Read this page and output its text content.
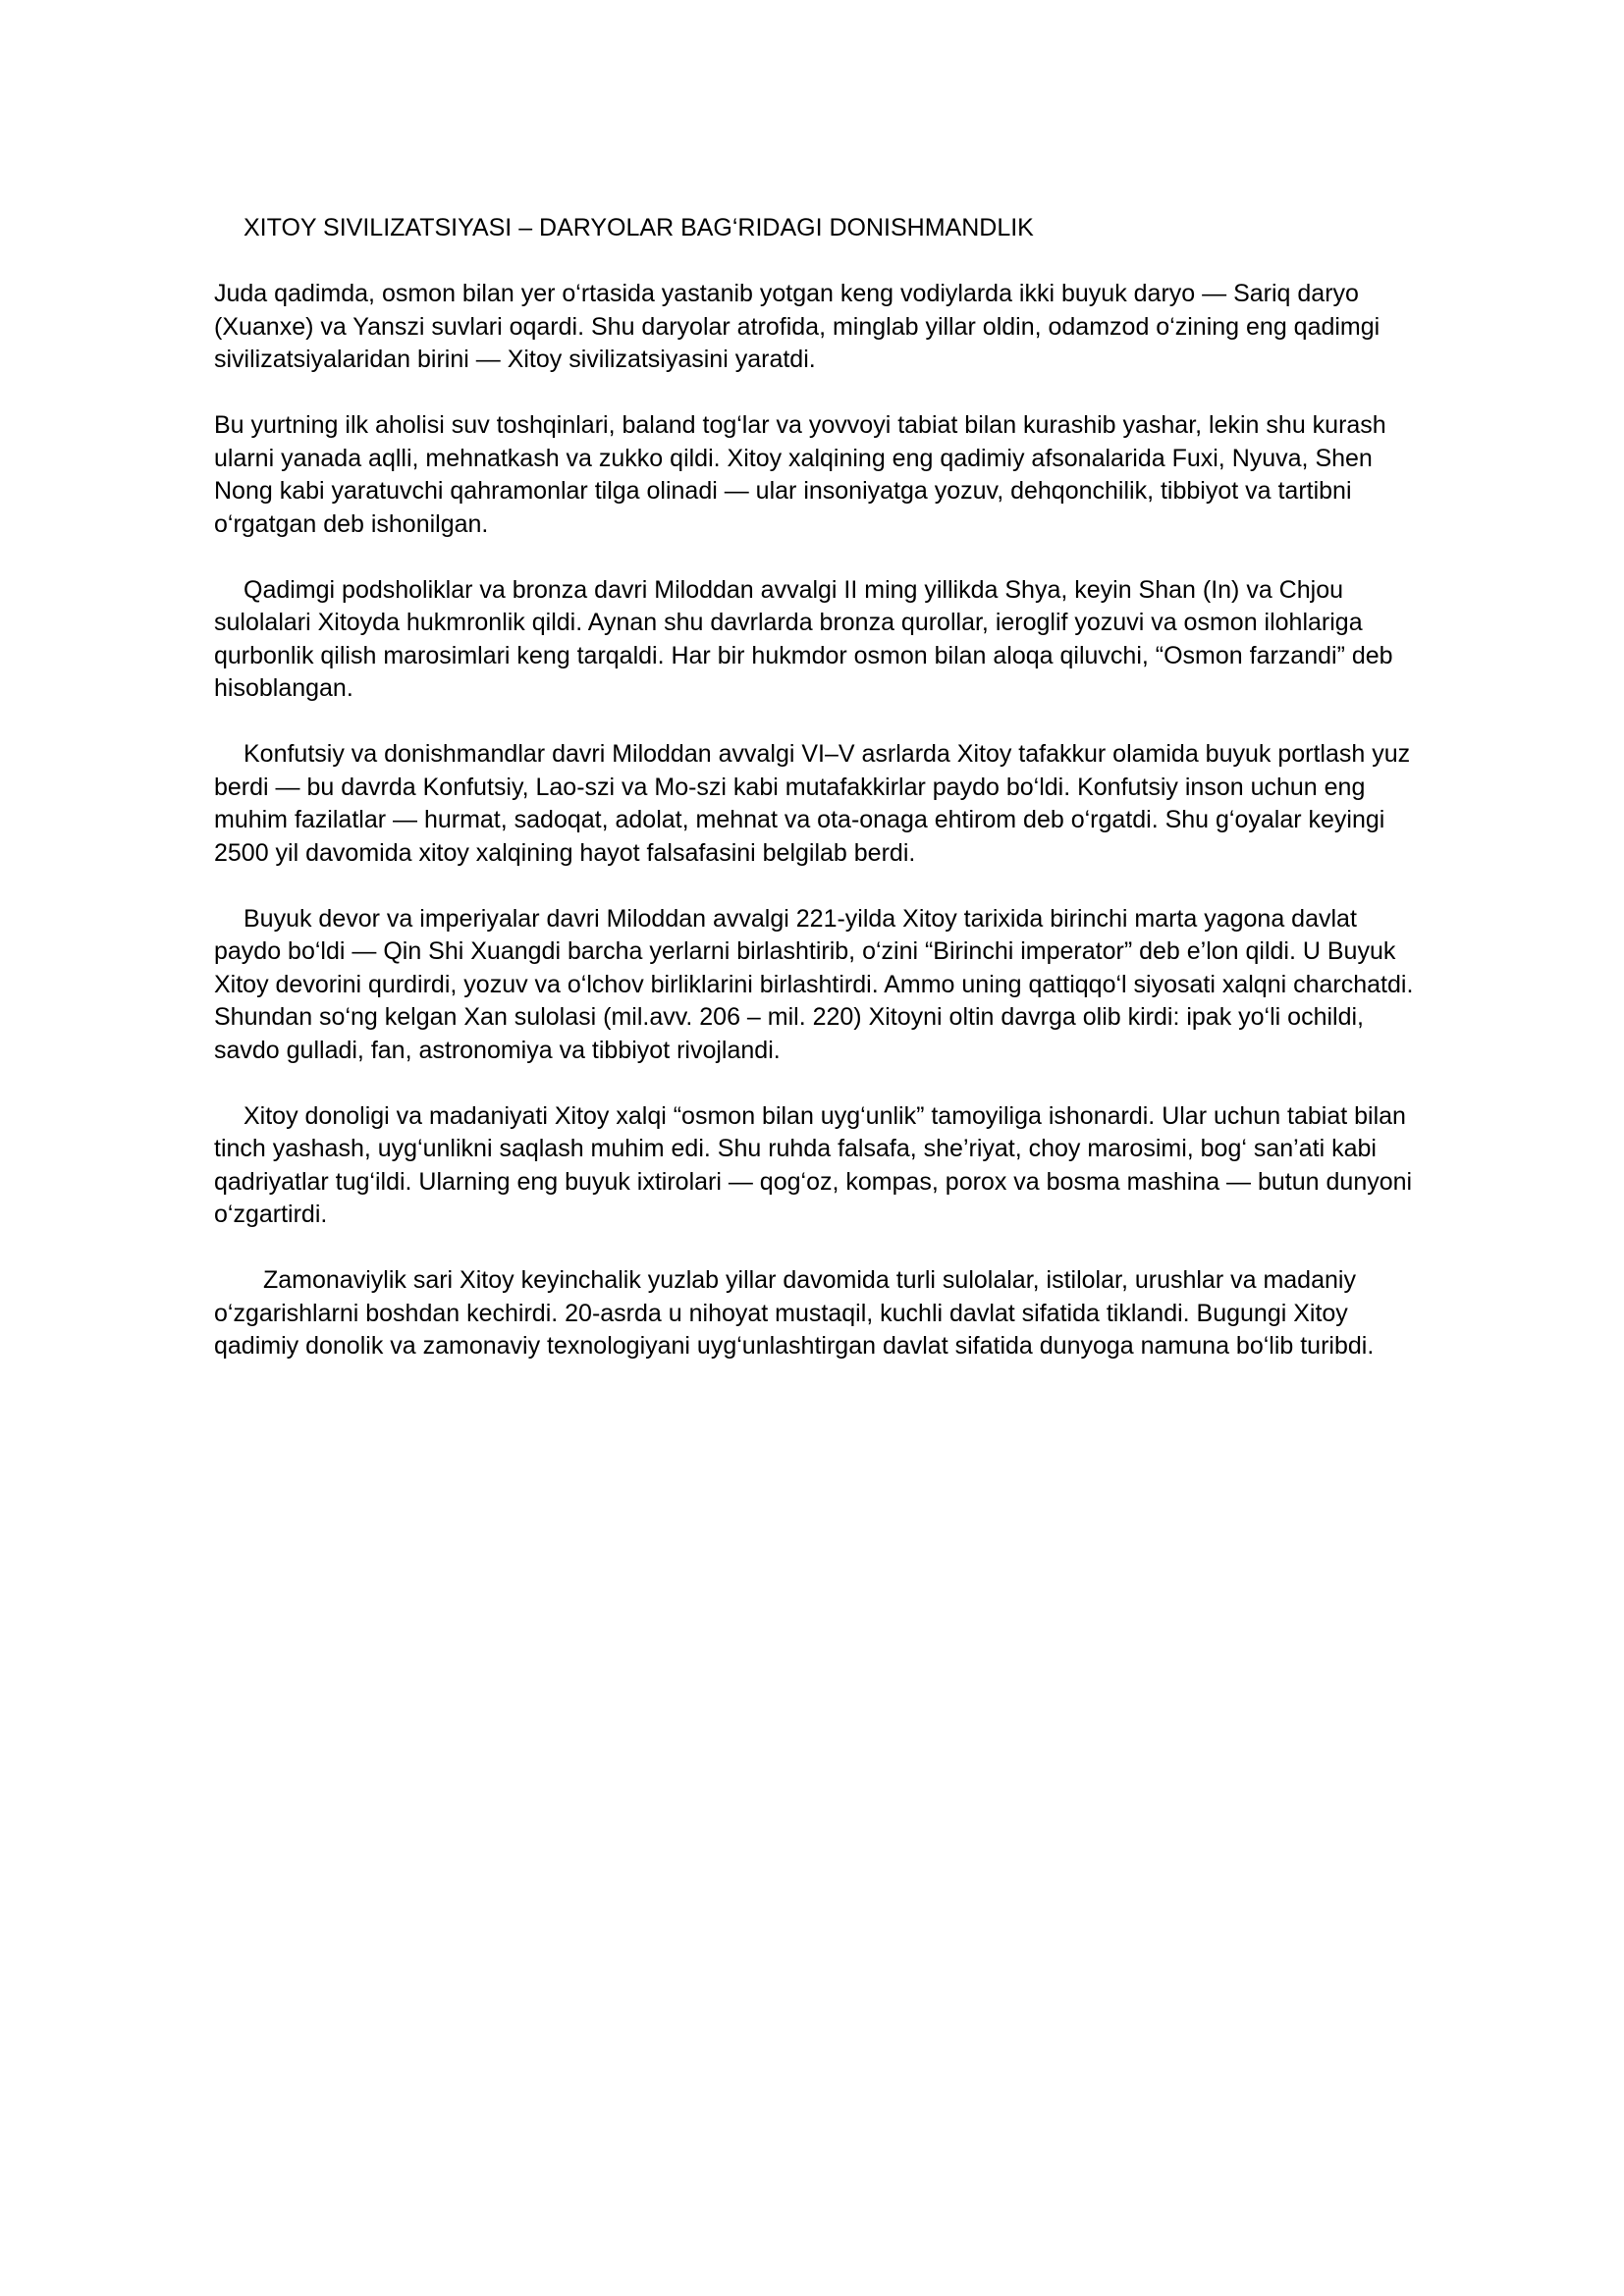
XITOY SIVILIZATSIYASI – DARYOLAR BAG‘RIDAGI DONISHMANDLIK

Juda qadimda, osmon bilan yer o‘rtasida yastanib yotgan keng vodiylarda ikki buyuk daryo — Sariq daryo (Xuanxe) va Yanszi suvlari oqardi. Shu daryolar atrofida, minglab yillar oldin, odamzod o‘zining eng qadimgi sivilizatsiyalaridan birini — Xitoy sivilizatsiyasini yaratdi.

Bu yurtning ilk aholisi suv toshqinlari, baland tog‘lar va yovvoyi tabiat bilan kurashib yashar, lekin shu kurash ularni yanada aqlli, mehnatkash va zukko qildi. Xitoy xalqining eng qadimiy afsonalarida Fuxi, Nyuva, Shen Nong kabi yaratuvchi qahramonlar tilga olinadi — ular insoniyatga yozuv, dehqonchilik, tibbiyot va tartibni o‘rgatgan deb ishonilgan.

Qadimgi podsholiklar va bronza davri Miloddan avvalgi II ming yillikda Shya, keyin Shan (In) va Chjou sulolalari Xitoyda hukmronlik qildi. Aynan shu davrlarda bronza qurollar, ieroglif yozuvi va osmon ilohlariga qurbonlik qilish marosimlari keng tarqaldi. Har bir hukmdor osmon bilan aloqa qiluvchi, “Osmon farzandi” deb hisoblangan.

Konfutsiy va donishmandlar davri Miloddan avvalgi VI–V asrlarda Xitoy tafakkur olamida buyuk portlash yuz berdi — bu davrda Konfutsiy, Lao-szi va Mo-szi kabi mutafakkirlar paydo bo‘ldi. Konfutsiy inson uchun eng muhim fazilatlar — hurmat, sadoqat, adolat, mehnat va ota-onaga ehtirom deb o‘rgatdi. Shu g‘oyalar keyingi 2500 yil davomida xitoy xalqining hayot falsafasini belgilab berdi.

Buyuk devor va imperiyalar davri Miloddan avvalgi 221-yilda Xitoy tarixida birinchi marta yagona davlat paydo bo‘ldi — Qin Shi Xuangdi barcha yerlarni birlashtirib, o‘zini “Birinchi imperator” deb e’lon qildi. U Buyuk Xitoy devorini qurdirdi, yozuv va o‘lchov birliklarini birlashtirdi. Ammo uning qattiqqo‘l siyosati xalqni charchatdi. Shundan so‘ng kelgan Xan sulolasi (mil.avv. 206 – mil. 220) Xitoyni oltin davrga olib kirdi: ipak yo‘li ochildi, savdo gulladi, fan, astronomiya va tibbiyot rivojlandi.

Xitoy donoligi va madaniyati Xitoy xalqi “osmon bilan uyg‘unlik” tamoyiliga ishonardi. Ular uchun tabiat bilan tinch yashash, uyg‘unlikni saqlash muhim edi. Shu ruhda falsafa, she’riyat, choy marosimi, bog‘ san’ati kabi qadriyatlar tug‘ildi. Ularning eng buyuk ixtirolari — qog‘oz, kompas, porox va bosma mashina — butun dunyoni o‘zgartirdi.

Zamonaviylik sari Xitoy keyinchalik yuzlab yillar davomida turli sulolalar, istilolar, urushlar va madaniy o‘zgarishlarni boshdan kechirdi. 20-asrda u nihoyat mustaqil, kuchli davlat sifatida tiklandi. Bugungi Xitoy qadimiy donolik va zamonaviy texnologiyani uyg‘unlashtirgan davlat sifatida dunyoga namuna bo‘lib turibdi.
